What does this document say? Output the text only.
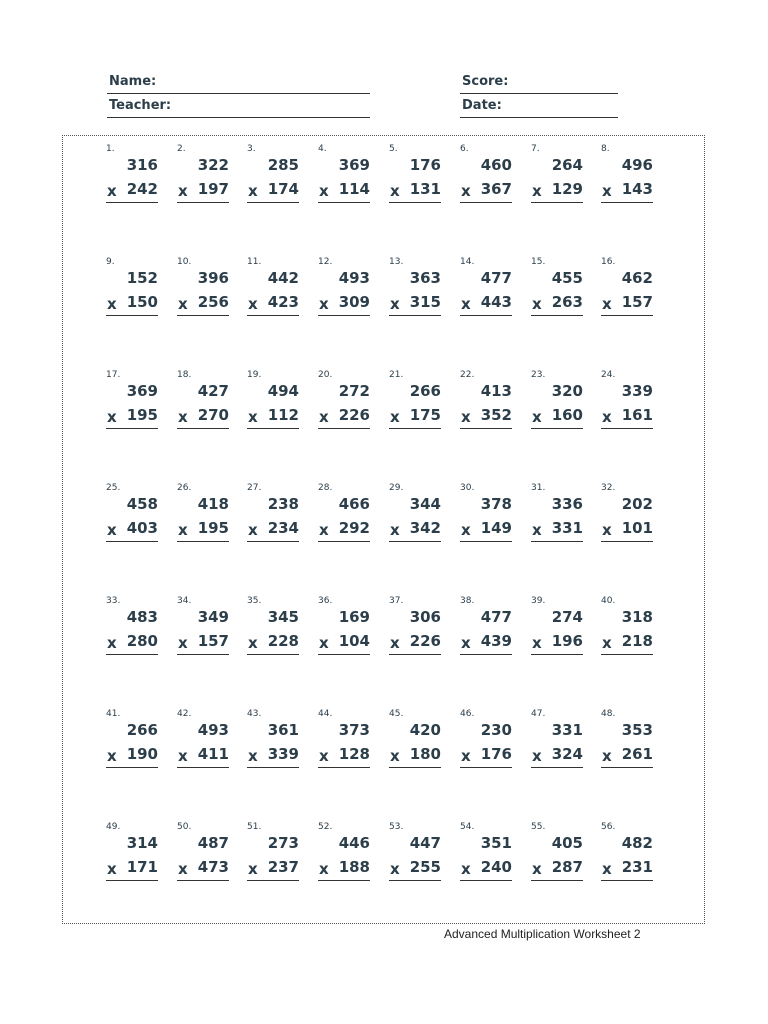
Name:
Teacher:
Score:
Date:
1.
316
x 242
2.
322
x 197
3.
285
x 174
4.
369
x 114
5.
176
x 131
6.
460
x 367
7.
264
x 129
8.
496
x 143
9.
152
x 150
10.
396
x 256
11.
442
x 423
12.
493
x 309
13.
363
x 315
14.
477
x 443
15.
455
x 263
16.
462
x 157
17.
369
x 195
18.
427
x 270
19.
494
x 112
20.
272
x 226
21.
266
x 175
22.
413
x 352
23.
320
x 160
24.
339
x 161
25.
458
x 403
26.
418
x 195
27.
238
x 234
28.
466
x 292
29.
344
x 342
30.
378
x 149
31.
336
x 331
32.
202
x 101
33.
483
x 280
34.
349
x 157
35.
345
x 228
36.
169
x 104
37.
306
x 226
38.
477
x 439
39.
274
x 196
40.
318
x 218
41.
266
x 190
42.
493
x 411
43.
361
x 339
44.
373
x 128
45.
420
x 180
46.
230
x 176
47.
331
x 324
48.
353
x 261
49.
314
x 171
50.
487
x 473
51.
273
x 237
52.
446
x 188
53.
447
x 255
54.
351
x 240
55.
405
x 287
56.
482
x 231
Advanced Multiplication Worksheet 2
